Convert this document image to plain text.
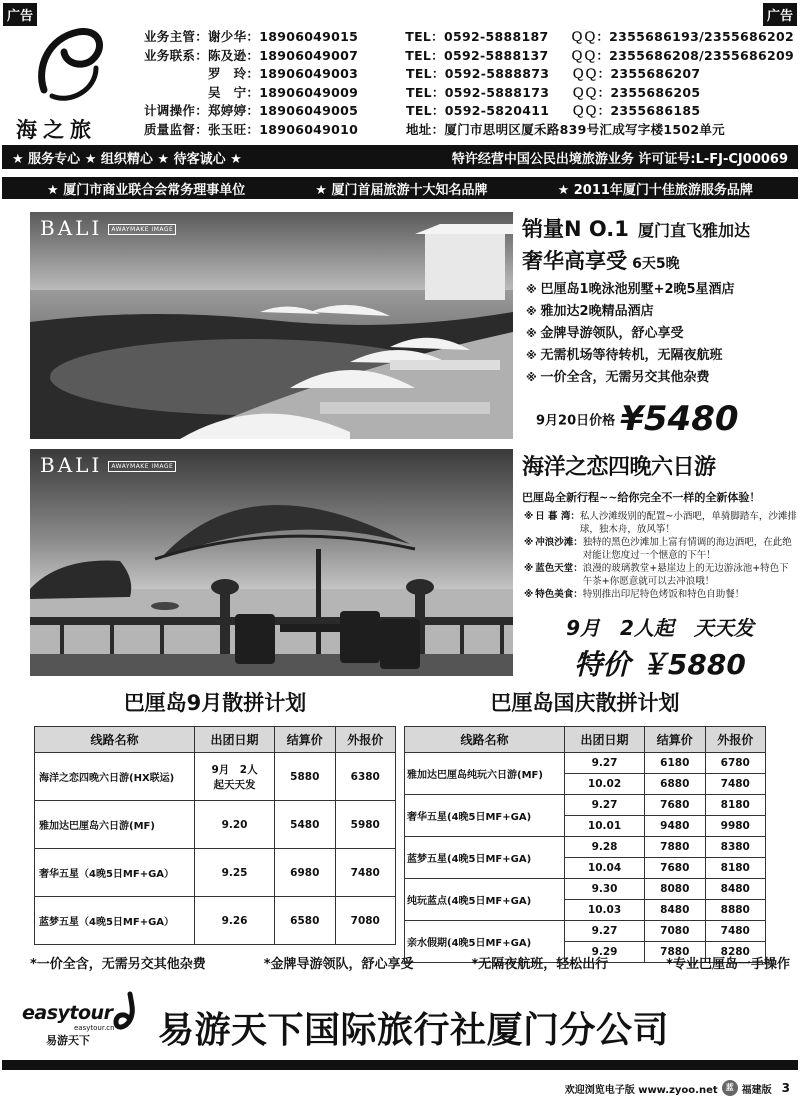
广告	广告
海之旅
业务主管：谢少华：18906049015	TEL：0592-5888187	ＱＱ：2355686193/2355686202
业务联系：陈及逊：18906049007	TEL：0592-5888137	ＱＱ：2355686208/2355686209
　　　　　罗　玲：18906049003	TEL：0592-5888873	ＱＱ：2355686207
　　　　　吴　宁：18906049009	TEL：0592-5888173	ＱＱ：2355686205
计调操作：郑婷婷：18906049005	TEL：0592-5820411	ＱＱ：2355686185
质量监督：张玉旺：18906049010	地址：厦门市思明区厦禾路839号汇成写字楼1502单元
★ 服务专心 ★ 组织精心 ★ 待客诚心 ★	特许经营中国公民出境旅游业务 许可证号:L-FJ-CJ00069
★ 厦门市商业联合会常务理事单位	★ 厦门首届旅游十大知名品牌	★ 2011年厦门十佳旅游服务品牌
BALI AWAYMAKE IMAGE	销量N O.1 厦门直飞雅加达
奢华高享受 6天5晚
※ 巴厘岛1晚泳池别墅+2晚5星酒店
※ 雅加达2晚精品酒店
※ 金牌导游领队，舒心享受
※ 无需机场等待转机，无隔夜航班
※ 一价全含，无需另交其他杂费
9月20日价格 ¥5480
BALI AWAYMAKE IMAGE	海洋之恋四晚六日游
巴厘岛全新行程~~给你完全不一样的全新体验！
※ 日 暮 湾： 私人沙滩级别的配置~小酒吧，单骑脚踏车，沙滩排球，独木舟，放风筝！
※ 冲浪沙滩： 独特的黑色沙滩加上富有情调的海边酒吧，在此绝对能让您度过一个惬意的下午！
※ 蓝色天堂： 浪漫的玻璃教堂+悬崖边上的无边游泳池+特色下午茶+你愿意就可以去冲浪哦！
※ 特色美食： 特别推出印尼特色烤饭和特色自助餐！
9月　2人起　天天发
特价 ￥5880
巴厘岛9月散拼计划	巴厘岛国庆散拼计划
线路名称	出团日期	结算价	外报价

海洋之恋四晚六日游(HX联运)	9月　2人
起天天发	5880	6380

雅加达巴厘岛六日游(MF)	9.20	5480	5980

奢华五星（4晚5日MF+GA）	9.25	6980	7480

蓝梦五星（4晚5日MF+GA）	9.26	6580	7080
线路名称	出团日期	结算价	外报价
雅加达巴厘岛纯玩六日游(MF)	9.27	6180	6780
	10.02	6880	7480
奢华五星(4晚5日MF+GA)	9.27	7680	8180
	10.01	9480	9980
蓝梦五星(4晚5日MF+GA)	9.28	7880	8380
	10.04	7680	8180
纯玩蓝点(4晚5日MF+GA)	9.30	8080	8480
	10.03	8480	8880
亲水假期(4晚5日MF+GA)	9.27	7080	7480
	9.29	7880	8280
*一价全含，无需另交其他杂费	*金牌导游领队，舒心享受	*无隔夜航班，轻松出行	*专业巴厘岛一手操作
easytour
easytour.cn
易游天下 易游天下国际旅行社厦门分公司
欢迎浏览电子版 www.zyoo.net	蓝 福建版 3
